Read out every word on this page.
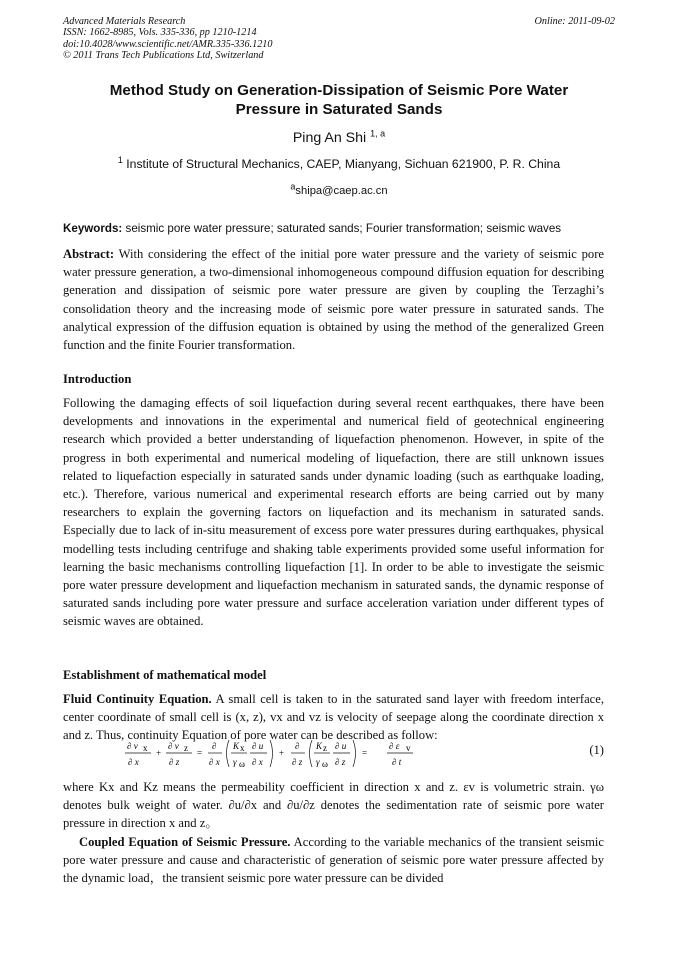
Advanced Materials Research	Online: 2011-09-02
ISSN: 1662-8985, Vols. 335-336, pp 1210-1214
doi:10.4028/www.scientific.net/AMR.335-336.1210
© 2011 Trans Tech Publications Ltd, Switzerland
Method Study on Generation-Dissipation of Seismic Pore Water
Pressure in Saturated Sands
Ping An Shi $^{1, a}$
$^1$ Institute of Structural Mechanics, CAEP, Mianyang, Sichuan 621900, P. R. China
$^a$shipa@caep.ac.cn
Keywords: seismic pore water pressure; saturated sands; Fourier transformation; seismic waves
Abstract: With considering the effect of the initial pore water pressure and the variety of seismic pore water pressure generation, a two-dimensional inhomogeneous compound diffusion equation for describing generation and dissipation of seismic pore water pressure are given by coupling the Terzaghi’s consolidation theory and the increasing mode of seismic pore water pressure in saturated sands. The analytical expression of the diffusion equation is obtained by using the method of the generalized Green function and the finite Fourier transformation.
Introduction
Following the damaging effects of soil liquefaction during several recent earthquakes, there have been developments and innovations in the experimental and numerical field of geotechnical engineering research which provided a better understanding of liquefaction phenomenon. However, in spite of the progress in both experimental and numerical modeling of liquefaction, there are still unknown issues related to liquefaction especially in saturated sands under dynamic loading (such as earthquake loading, etc.). Therefore, various numerical and experimental research efforts are being carried out by many researchers to explain the governing factors on liquefaction and its mechanism in saturated sands. Especially due to lack of in-situ measurement of excess pore water pressures during earthquakes, physical modelling tests including centrifuge and shaking table experiments provided some useful information for learning the basic mechanisms controlling liquefaction [1]. In order to be able to investigate the seismic pore water pressure development and liquefaction mechanism in saturated sands, the dynamic response of saturated sands including pore water pressure and surface acceleration variation under different types of seismic waves are obtained.
Establishment of mathematical model
Fluid Continuity Equation. A small cell is taken to in the saturated sand layer with freedom interface, center coordinate of small cell is (x, z), vx and vz is velocity of seepage along the coordinate direction x and z. Thus, continuity Equation of pore water can be described as follow:
∂ v x
∂ x
+
∂ v z
∂ z
=
∂
∂ x
K x
γ ω
∂ u
∂ x
+
∂
∂ z
K z
γ ω
∂ u
∂ z
=
∂ ε v
∂ t
(1)
where Kx and Kz means the permeability coefficient in direction x and z. εv is volumetric strain. γω denotes bulk weight of water. ∂u/∂x and ∂u/∂z denotes the sedimentation rate of seismic pore water pressure in direction x and z。
Coupled Equation of Seismic Pressure. According to the variable mechanics of the transient seismic pore water pressure and cause and characteristic of generation of seismic pore water pressure affected by the dynamic load，the transient seismic pore water pressure can be divided
